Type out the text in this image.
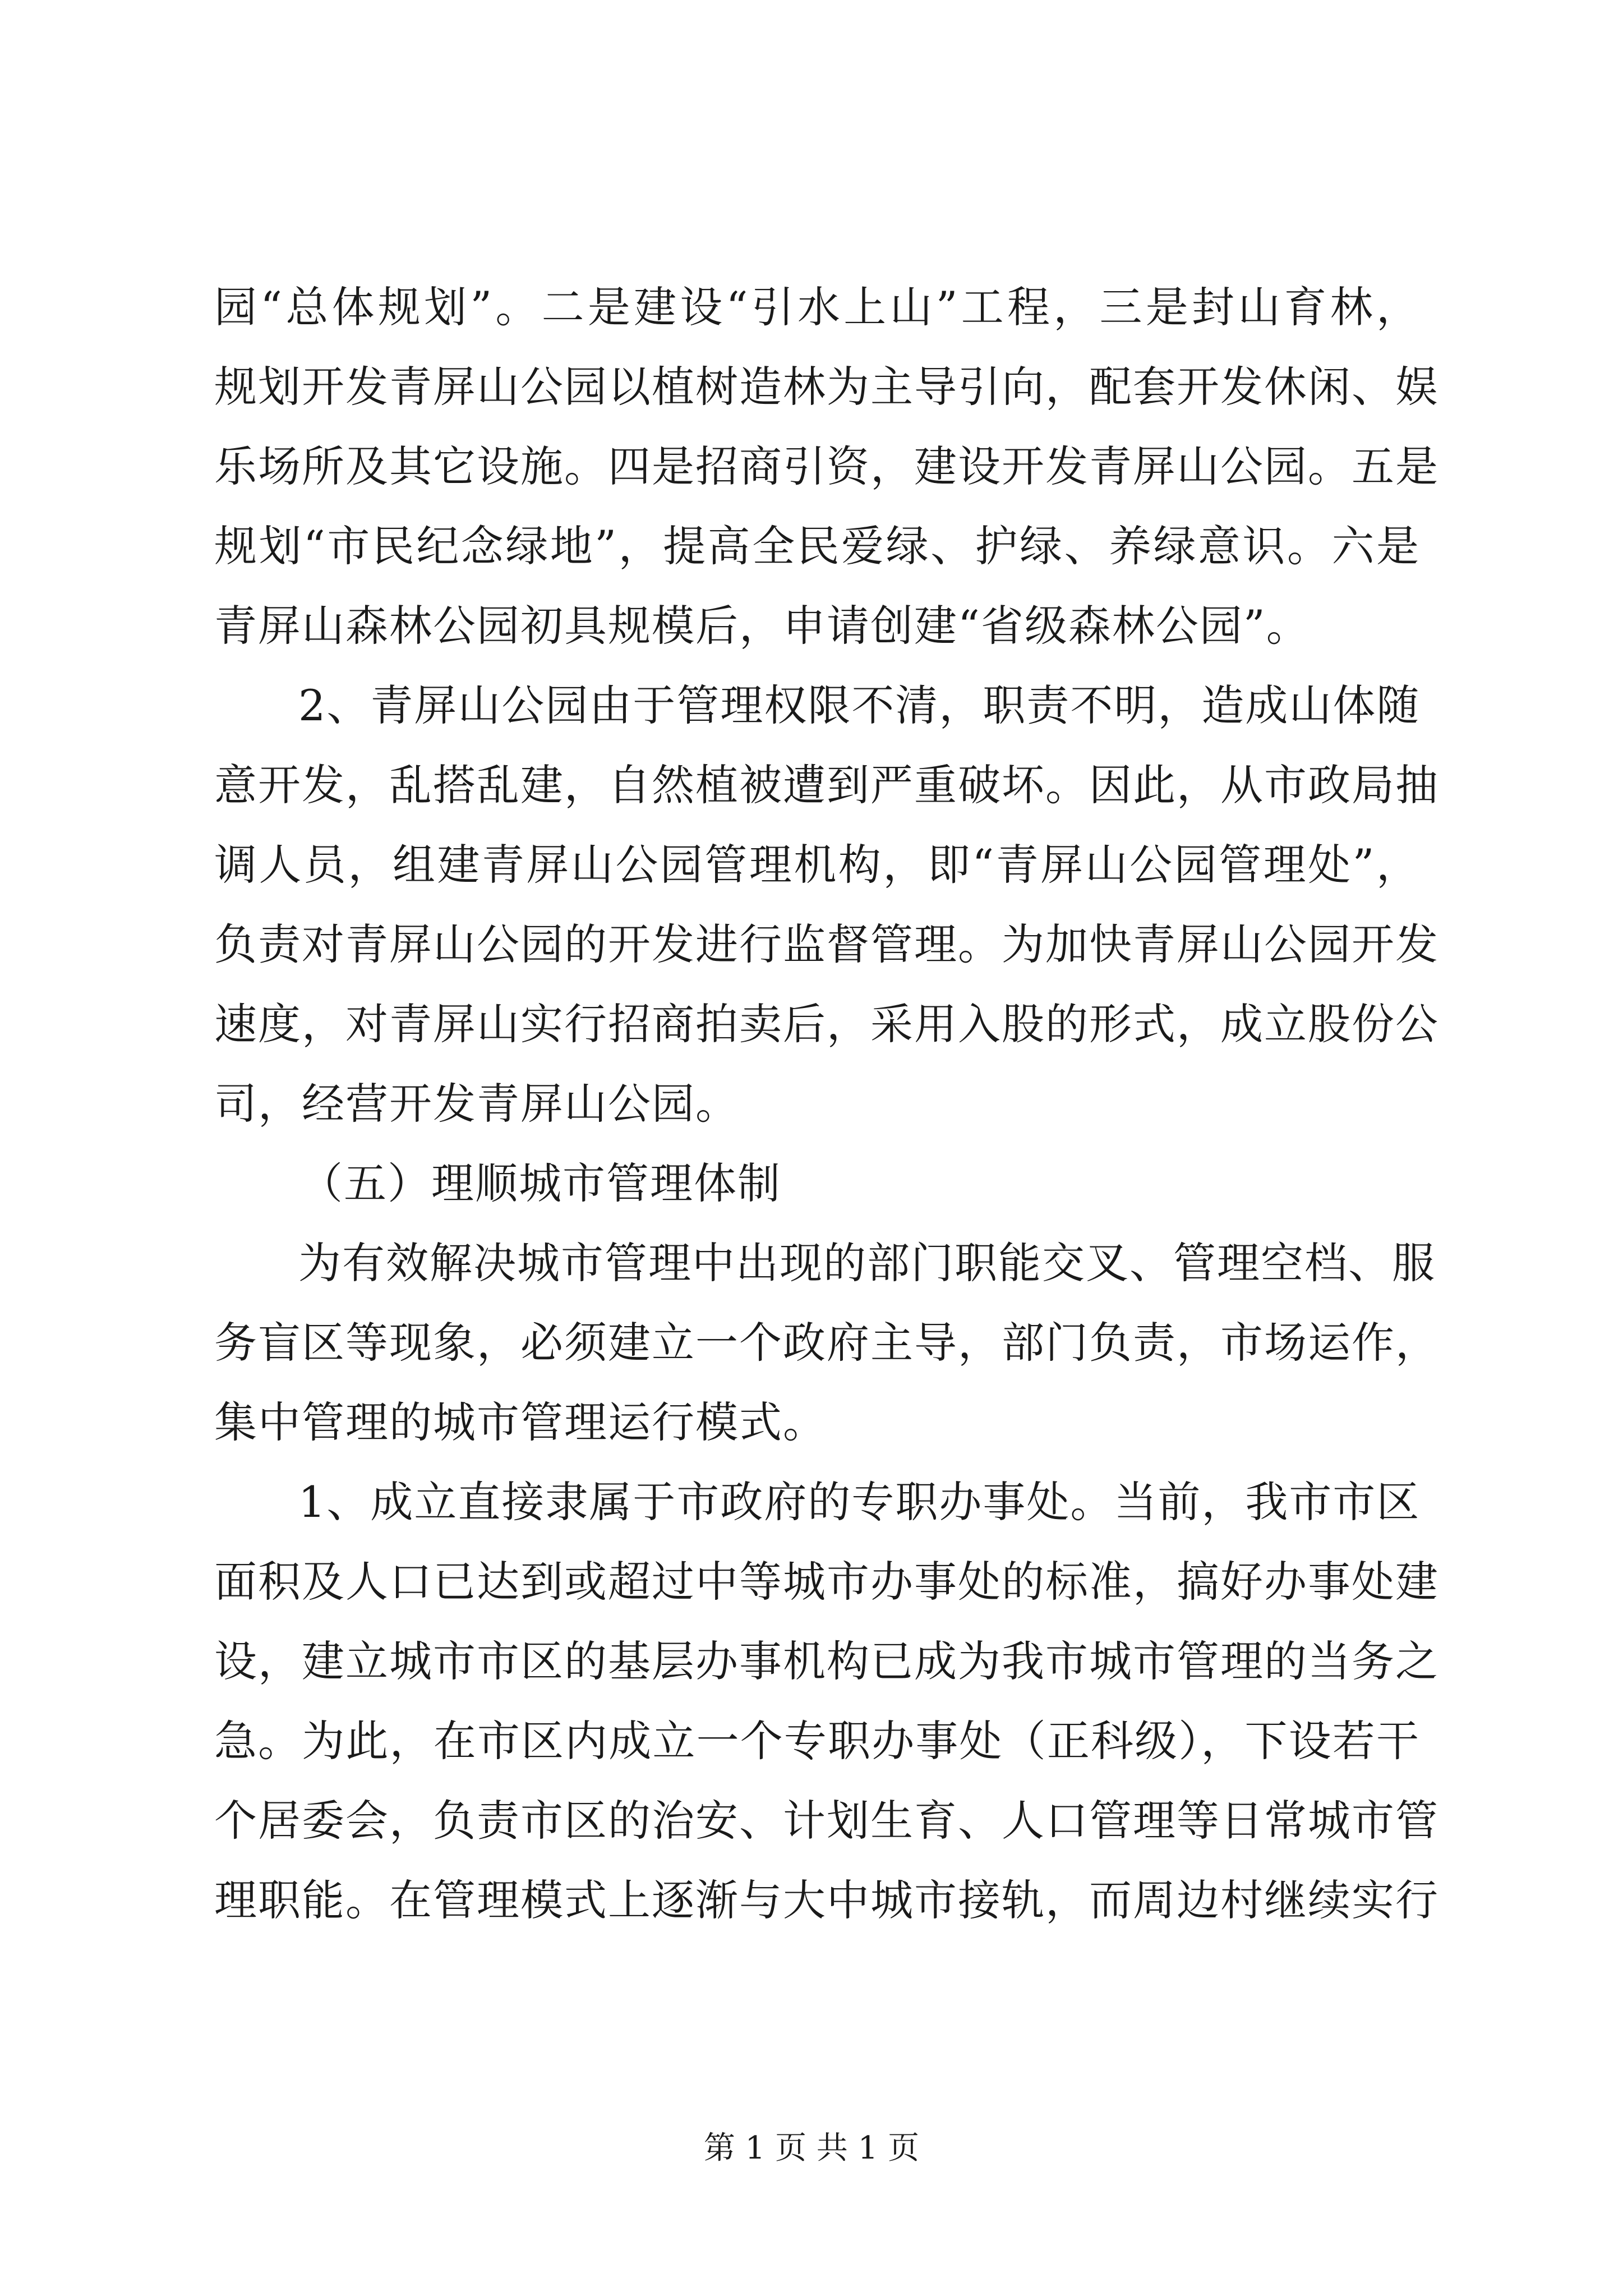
园“总体规划”。二是建设“引水上山”工程，三是封山育林，
规划开发青屏山公园以植树造林为主导引向，配套开发休闲、娱
乐场所及其它设施。四是招商引资，建设开发青屏山公园。五是
规划“市民纪念绿地”，提高全民爱绿、护绿、养绿意识。六是
青屏山森林公园初具规模后，申请创建“省级森林公园”。
2、青屏山公园由于管理权限不清，职责不明，造成山体随
意开发，乱搭乱建，自然植被遭到严重破坏。因此，从市政局抽
调人员，组建青屏山公园管理机构，即“青屏山公园管理处”，
负责对青屏山公园的开发进行监督管理。为加快青屏山公园开发
速度，对青屏山实行招商拍卖后，采用入股的形式，成立股份公
司，经营开发青屏山公园。
（五）理顺城市管理体制
为有效解决城市管理中出现的部门职能交叉、管理空档、服
务盲区等现象，必须建立一个政府主导，部门负责，市场运作，
集中管理的城市管理运行模式。
1、成立直接隶属于市政府的专职办事处。当前，我市市区
面积及人口已达到或超过中等城市办事处的标准，搞好办事处建
设，建立城市市区的基层办事机构已成为我市城市管理的当务之
急。为此，在市区内成立一个专职办事处（正科级），下设若干
个居委会，负责市区的治安、计划生育、人口管理等日常城市管
理职能。在管理模式上逐渐与大中城市接轨，而周边村继续实行
第 1 页 共 1 页
